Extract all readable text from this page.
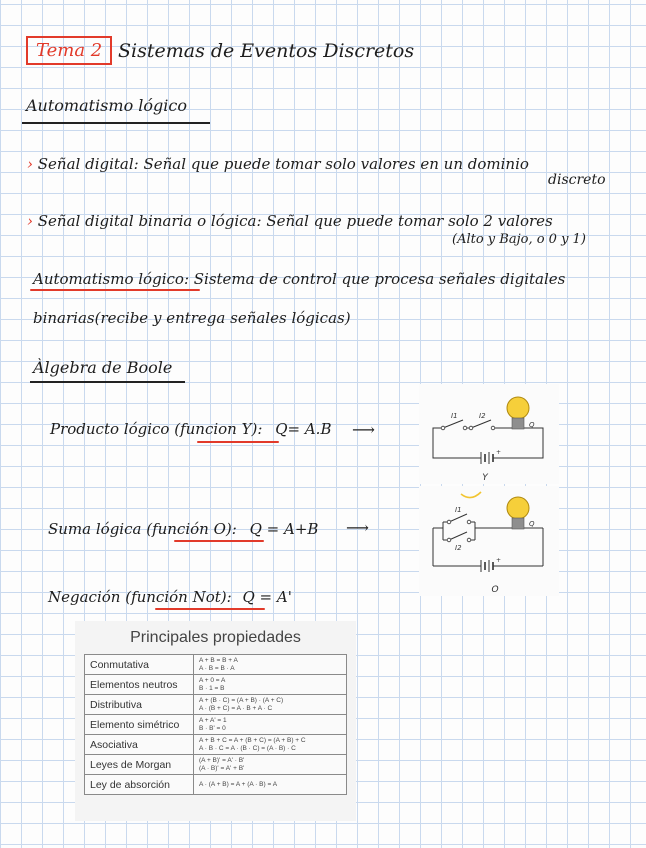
Tema 2 Sistemas de Eventos Discretos
Automatismo lógico
› Señal digital: Señal que puede tomar solo valores en un dominio
discreto
› Señal digital binaria o lógica: Señal que puede tomar solo 2 valores
(Alto y Bajo, o 0 y 1)
Automatismo lógico: Sistema de control que procesa señales digitales
binarias(recibe y entrega señales lógicas)
Àlgebra de Boole
Producto lógico (funcion Y): Q= A.B ⟶
Suma lógica (función O): Q = A+B ⟶
Negación (función Not): Q = A'
I1	I2
Q
+
Y
I1
I2
Q
+
O
Principales propiedades
Conmutativa	A + B = B + A
A · B = B · A

Elementos neutros	A + 0 = A
B · 1 = B

Distributiva	A + (B · C) = (A + B) · (A + C)
A · (B + C) = A · B + A · C

Elemento simétrico	A + A' = 1
B · B' = 0

Asociativa	A + B + C = A + (B + C) = (A + B) + C
A · B · C = A · (B · C) = (A · B) · C

Leyes de Morgan	(A + B)' = A' · B'
(A · B)' = A' + B'

Ley de absorción	A · (A + B) = A + (A · B) = A
